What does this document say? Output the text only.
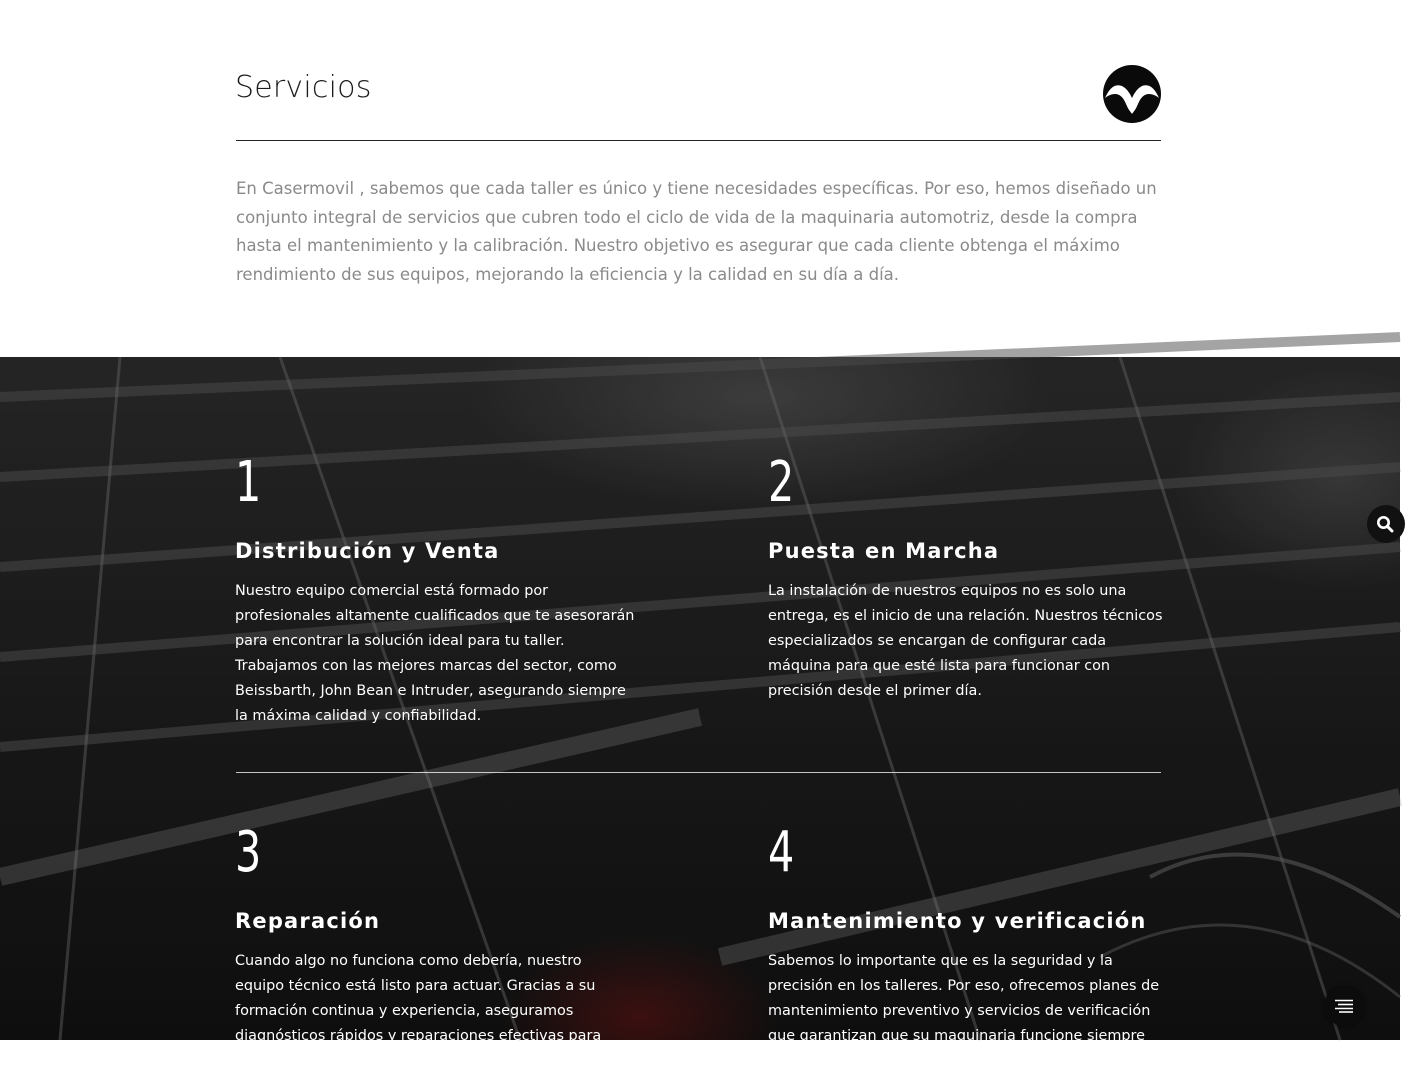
Servicios

En Casermovil , sabemos que cada taller es único y tiene necesidades específicas. Por eso, hemos diseñado un conjunto integral de servicios que cubren todo el ciclo de vida de la maquinaria automotriz, desde la compra hasta el mantenimiento y la calibración. Nuestro objetivo es asegurar que cada cliente obtenga el máximo rendimiento de sus equipos, mejorando la eficiencia y la calidad en su día a día.

1
Distribución y Venta
Nuestro equipo comercial está formado por profesionales altamente cualificados que te asesorarán para encontrar la solución ideal para tu taller. Trabajamos con las mejores marcas del sector, como Beissbarth, John Bean e Intruder, asegurando siempre la máxima calidad y confiabilidad.
2
Puesta en Marcha
La instalación de nuestros equipos no es solo una entrega, es el inicio de una relación. Nuestros técnicos especializados se encargan de configurar cada máquina para que esté lista para funcionar con precisión desde el primer día.
3
Reparación
Cuando algo no funciona como debería, nuestro equipo técnico está listo para actuar. Gracias a su formación continua y experiencia, aseguramos diagnósticos rápidos y reparaciones efectivas para minimizar tiempos de
4
Mantenimiento y verificación
Sabemos lo importante que es la seguridad y la precisión en los talleres. Por eso, ofrecemos planes de mantenimiento preventivo y servicios de verificación que garantizan que su maquinaria funcione siempre en
